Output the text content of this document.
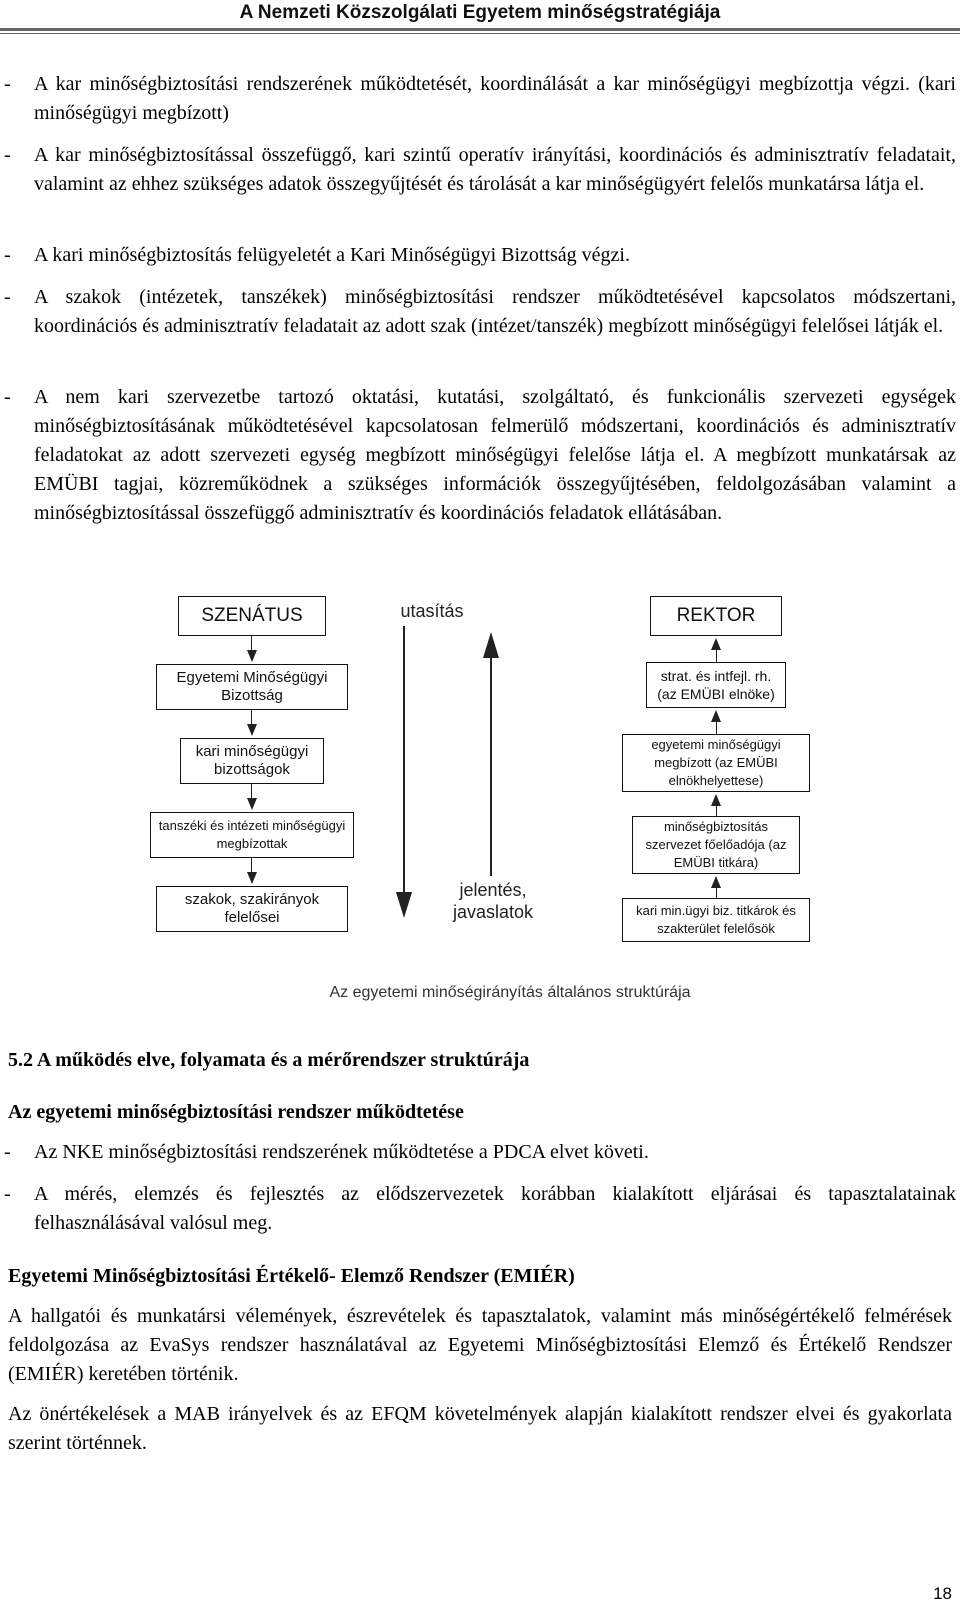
A Nemzeti Közszolgálati Egyetem minőségstratégiája
-	A kar minőségbiztosítási rendszerének működtetését, koordinálását a kar minőségügyi megbízottja végzi. (kari minőségügyi megbízott)
-	A kar minőségbiztosítással összefüggő, kari szintű operatív irányítási, koordinációs és adminisztratív feladatait, valamint az ehhez szükséges adatok összegyűjtését és tárolását a kar minőségügyért felelős munkatársa látja el.
-	A kari minőségbiztosítás felügyeletét a Kari Minőségügyi Bizottság végzi.
-	A szakok (intézetek, tanszékek) minőségbiztosítási rendszer működtetésével kapcsolatos módszertani, koordinációs és adminisztratív feladatait az adott szak (intézet/tanszék) megbízott minőségügyi felelősei látják el.
-	A nem kari szervezetbe tartozó oktatási, kutatási, szolgáltató, és funkcionális szervezeti egységek minőségbiztosításának működtetésével kapcsolatosan felmerülő módszertani, koordinációs és adminisztratív feladatokat az adott szervezeti egység megbízott minőségügyi felelőse látja el. A megbízott munkatársak az EMÜBI tagjai, közreműködnek a szükséges információk összegyűjtésében, feldolgozásában valamint a minőségbiztosítással összefüggő adminisztratív és koordinációs feladatok ellátásában.
SZENÁTUS
Egyetemi Minőségügyi Bizottság
kari minőségügyi bizottságok
tanszéki és intézeti minőségügyi megbízottak
szakok, szakirányok felelősei
utasítás
jelentés, javaslatok
REKTOR
strat. és intfejl. rh. (az EMÜBI elnöke)
egyetemi minőségügyi megbízott (az EMÜBI elnökhelyettese)
minőségbiztosítás szervezet főelőadója (az EMÜBI titkára)
kari min.ügyi biz. titkárok és szakterület felelősök
Az egyetemi minőségirányítás általános struktúrája
5.2 A működés elve, folyamata és a mérőrendszer struktúrája
Az egyetemi minőségbiztosítási rendszer működtetése
-	Az NKE minőségbiztosítási rendszerének működtetése a PDCA elvet követi.
-	A mérés, elemzés és fejlesztés az elődszervezetek korábban kialakított eljárásai és tapasztalatainak felhasználásával valósul meg.
Egyetemi Minőségbiztosítási Értékelő- Elemző Rendszer (EMIÉR)
A hallgatói és munkatársi vélemények, észrevételek és tapasztalatok, valamint más minőségértékelő felmérések feldolgozása az EvaSys rendszer használatával az Egyetemi Minőségbiztosítási Elemző és Értékelő Rendszer (EMIÉR) keretében történik.
Az önértékelések a MAB irányelvek és az EFQM követelmények alapján kialakított rendszer elvei és gyakorlata szerint történnek.
18
